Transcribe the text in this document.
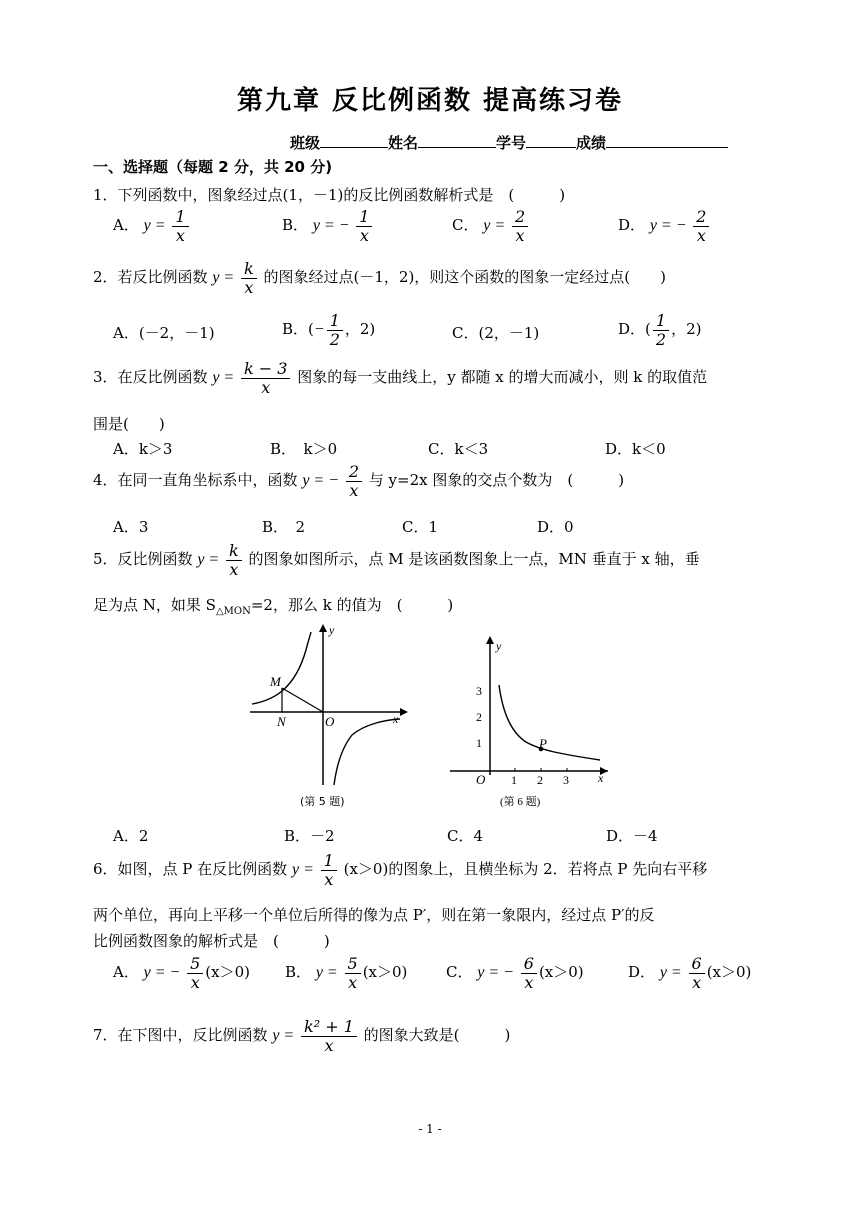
第九章 反比例函数 提高练习卷
班级	姓名	学号	成绩
一、选择题（每题 2 分，共 20 分)
1．下列函数中，图象经过点(1，－1)的反比例函数解析式是　(　　　)
A． $y = \frac{1}{x}$	B． y = − $\frac{1}{x}$	C． $y = \frac{2}{x}$	D． y = − $\frac{2}{x}$
2．若反比例函数 $y = \frac{k}{x}$ 的图象经过点(－1，2)，则这个函数的图象一定经过点(　　)
A．(－2，－1)	B．(− $\frac{1}{2}$ ，2)	C．(2，－1)	D．( $\frac{1}{2}$ ，2)
3．在反比例函数 $y = \frac{k - 3}{x}$ 图象的每一支曲线上，y 都随 x 的增大而减小，则 k 的取值范
围是(　　)
A．k＞3	B．　k＞0	C．k＜3	D．k＜0
4．在同一直角坐标系中，函数 y = − $\frac{2}{x}$ 与 y=2x 图象的交点个数为　(　　　)
A．3	B．　2	C．1	D．0
5．反比例函数 $y = \frac{k}{x}$ 的图象如图所示，点 M 是该函数图象上一点，MN 垂直于 x 轴，垂
足为点 N，如果 $S_{\triangle MON}=2$，那么 k 的值为　(　　　)
M
N	O	x
y
(第 5 题)
1 2 3
1
2
3
O
P
x
y
(第 6 题)
A．2	B．－2	C．4	D．－4
6．如图，点 P 在反比例函数 $y = \frac{1}{x} (x>0)$的图象上，且横坐标为 2．若将点 P 先向右平移
两个单位，再向上平移一个单位后所得的像为点 P′，则在第一象限内，经过点 P′的反
比例函数图象的解析式是　(　　　)
A． y = − $\frac{5}{x} (x>0)$ B． $y = \frac{5}{x} (x>0)$	C． y = − $\frac{6}{x} (x>0)$	D． $y = \frac{6}{x} (x>0)$
7．在下图中，反比例函数 $y = \frac{\text{k² + 1}}{x}$ 的图象大致是(　　　)
- 1 -
